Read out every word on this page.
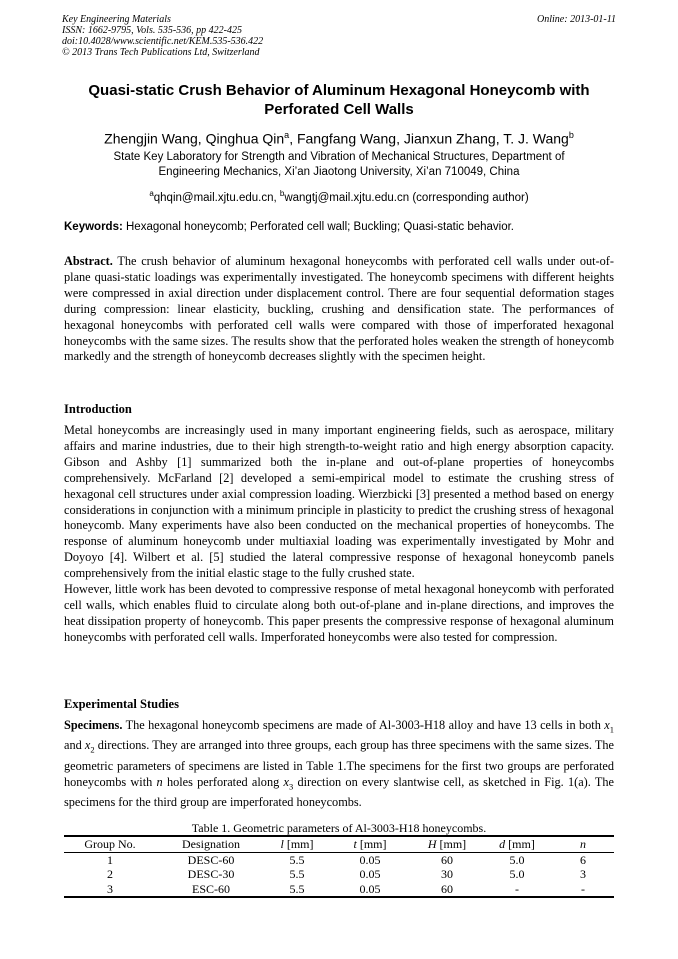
Key Engineering Materials
ISSN: 1662-9795, Vols. 535-536, pp 422-425
doi:10.4028/www.scientific.net/KEM.535-536.422
© 2013 Trans Tech Publications Ltd, Switzerland
Online: 2013-01-11
Quasi-static Crush Behavior of Aluminum Hexagonal Honeycomb with
Perforated Cell Walls
Zhengjin Wang, Qinghua Qin$^a$, Fangfang Wang, Jianxun Zhang, T. J. Wang$^b$
State Key Laboratory for Strength and Vibration of Mechanical Structures, Department of
Engineering Mechanics, Xi’an Jiaotong University, Xi’an 710049, China
$^a$qhqin@mail.xjtu.edu.cn, $^b$wangtj@mail.xjtu.edu.cn (corresponding author)
Keywords: Hexagonal honeycomb; Perforated cell wall; Buckling; Quasi-static behavior.

Abstract. The crush behavior of aluminum hexagonal honeycombs with perforated cell walls under out-of-plane quasi-static loadings was experimentally investigated. The honeycomb specimens with different heights were compressed in axial direction under displacement control. There are four sequential deformation stages during compression: linear elasticity, buckling, crushing and densification state. The performances of hexagonal honeycombs with perforated cell walls were compared with those of imperforated hexagonal honeycombs with the same sizes. The results show that the perforated holes weaken the strength of honeycomb markedly and the strength of honeycomb decreases slightly with the specimen height.

Introduction

Metal honeycombs are increasingly used in many important engineering fields, such as aerospace, military affairs and marine industries, due to their high strength-to-weight ratio and high energy absorption capacity. Gibson and Ashby [1] summarized both the in-plane and out-of-plane properties of honeycombs comprehensively. McFarland [2] developed a semi-empirical model to estimate the crushing stress of hexagonal cell structures under axial compression loading. Wierzbicki [3] presented a method based on energy considerations in conjunction with a minimum principle in plasticity to predict the crushing stress of hexagonal honeycomb. Many experiments have also been conducted on the mechanical properties of honeycombs. The response of aluminum honeycomb under multiaxial loading was experimentally investigated by Mohr and Doyoyo [4]. Wilbert et al. [5] studied the lateral compressive response of hexagonal honeycomb panels comprehensively from the initial elastic stage to the fully crushed state.

However, little work has been devoted to compressive response of metal hexagonal honeycomb with perforated cell walls, which enables fluid to circulate along both out-of-plane and in-plane directions, and improves the heat dissipation property of honeycomb. This paper presents the compressive response of hexagonal aluminum honeycombs with perforated cell walls. Imperforated honeycombs were also tested for compression.

Experimental Studies

Specimens. The hexagonal honeycomb specimens are made of Al-3003-H18 alloy and have 13 cells in both $x_1$ and $x_2$ directions. They are arranged into three groups, each group has three specimens with the same sizes. The geometric parameters of specimens are listed in Table 1.The specimens for the first two groups are perforated honeycombs with n holes perforated along $x_3$ direction on every slantwise cell, as sketched in Fig. 1(a). The specimens for the third group are imperforated honeycombs.

Table 1. Geometric parameters of Al-3003-H18 honeycombs.
Group No.	Designation	l [mm]	t [mm]	H [mm]	d [mm]	n
1	DESC-60	5.5	0.05	60	5.0	6
2	DESC-30	5.5	0.05	30	5.0	3
3	ESC-60	5.5	0.05	60	-	-
